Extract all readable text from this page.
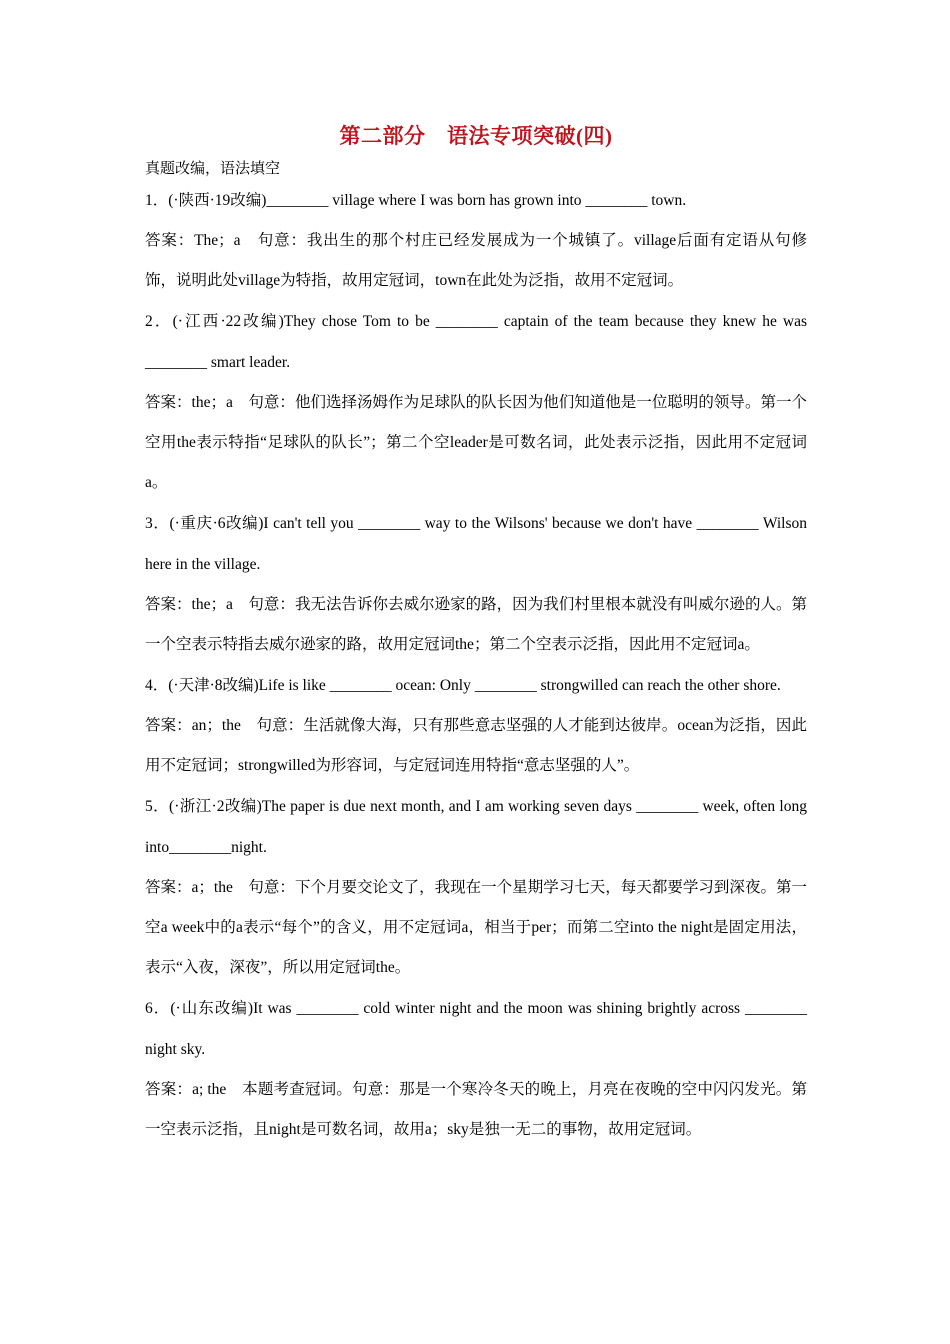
第二部分　语法专项突破(四)

真题改编，语法填空

1．(·陕西·19改编)________ village where I was born has grown into ________ town.

答案：The；a　句意：我出生的那个村庄已经发展成为一个城镇了。village后面有定语从句修饰，说明此处village为特指，故用定冠词，town在此处为泛指，故用不定冠词。

2．(·江西·22改编)They chose Tom to be ________ captain of the team because they knew he was ________ smart leader.

答案：the；a　句意：他们选择汤姆作为足球队的队长因为他们知道他是一位聪明的领导。第一个空用the表示特指“足球队的队长”；第二个空leader是可数名词，此处表示泛指，因此用不定冠词a。

3．(·重庆·6改编)I can't tell you ________ way to the Wilsons' because we don't have ________ Wilson here in the village.

答案：the；a　句意：我无法告诉你去威尔逊家的路，因为我们村里根本就没有叫威尔逊的人。第一个空表示特指去威尔逊家的路，故用定冠词the；第二个空表示泛指，因此用不定冠词a。

4．(·天津·8改编)Life is like ________ ocean: Only ________ strongwilled can reach the other shore.

答案：an；the　句意：生活就像大海，只有那些意志坚强的人才能到达彼岸。ocean为泛指，因此用不定冠词；strongwilled为形容词，与定冠词连用特指“意志坚强的人”。

5．(·浙江·2改编)The paper is due next month, and I am working seven days ________ week, often long into________night.

答案：a；the　句意：下个月要交论文了，我现在一个星期学习七天，每天都要学习到深夜。第一空a week中的a表示“每个”的含义，用不定冠词a，相当于per；而第二空into the night是固定用法，表示“入夜，深夜”，所以用定冠词the。

6．(·山东改编)It was ________ cold winter night and the moon was shining brightly across ________ night sky.

答案：a; the　本题考查冠词。句意：那是一个寒冷冬天的晚上，月亮在夜晚的空中闪闪发光。第一空表示泛指，且night是可数名词，故用a；sky是独一无二的事物，故用定冠词。
